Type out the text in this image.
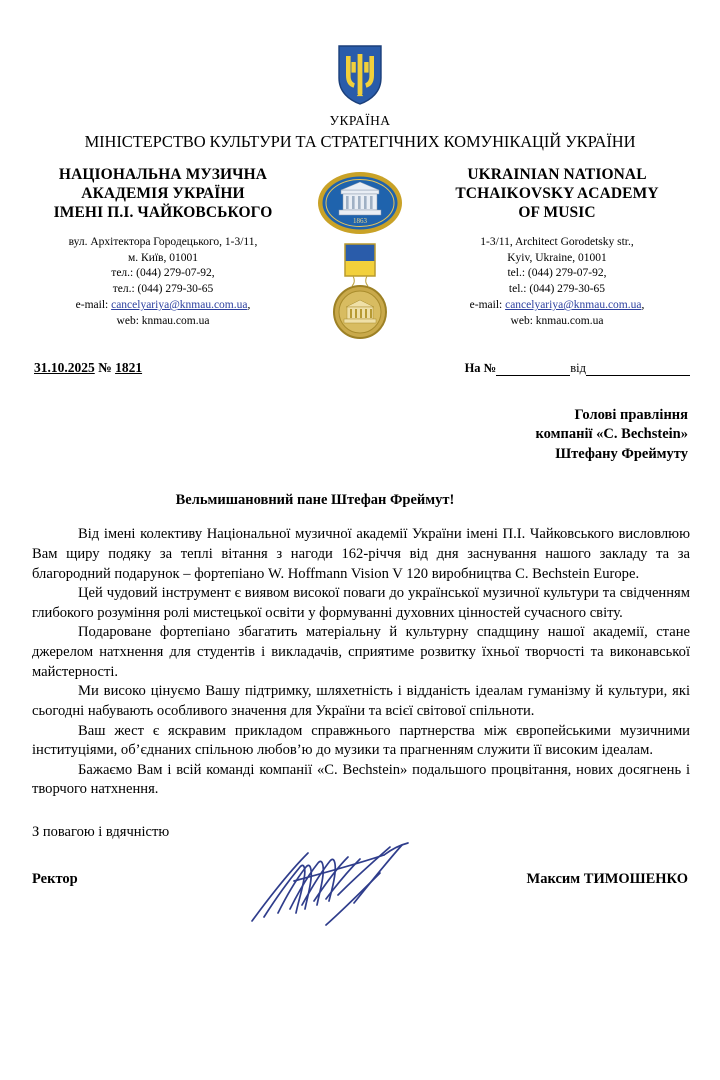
УКРАЇНА
МІНІСТЕРСТВО КУЛЬТУРИ ТА СТРАТЕГІЧНИХ КОМУНІКАЦІЙ УКРАЇНИ
НАЦІОНАЛЬНА МУЗИЧНА
АКАДЕМІЯ УКРАЇНИ
ІМЕНІ П.І. ЧАЙКОВСЬКОГО
вул. Архітектора Городецького, 1-3/11,
м. Київ, 01001
тел.: (044) 279-07-92,
тел.: (044) 279-30-65
e-mail: cancelyariya@knmau.com.ua,
web: knmau.com.ua
1863
UKRAINIAN NATIONAL
TCHAIKOVSKY ACADEMY
OF MUSIC
1-3/11, Architect Gorodetsky str.,
Kyiv, Ukraine, 01001
tel.: (044) 279-07-92,
tel.: (044) 279-30-65
e-mail: cancelyariya@knmau.com.ua,
web: knmau.com.ua
31.10.2025 № 1821	На №	від
Голові правління
компанії «C. Bechstein»
Штефану Фреймуту
Вельмишановний пане Штефан Фреймут!

Від імені колективу Національної музичної академії України імені П.І. Чайковського висловлюю Вам щиру подяку за теплі вітання з нагоди 162-річчя від дня заснування нашого закладу та за благородний подарунок – фортепіано W. Hoffmann Vision V 120 виробництва C. Bechstein Europe.

Цей чудовий інструмент є виявом високої поваги до української музичної культури та свідченням глибокого розуміння ролі мистецької освіти у формуванні духовних цінностей сучасного світу.

Подароване фортепіано збагатить матеріальну й культурну спадщину нашої академії, стане джерелом натхнення для студентів і викладачів, сприятиме розвитку їхньої творчості та виконавської майстерності.

Ми високо цінуємо Вашу підтримку, шляхетність і відданість ідеалам гуманізму й культури, які сьогодні набувають особливого значення для України та всієї світової спільноти.

Ваш жест є яскравим прикладом справжнього партнерства між європейськими музичними інституціями, об’єднаних спільною любов’ю до музики та прагненням служити її високим ідеалам.

Бажаємо Вам і всій команді компанії «C. Bechstein» подальшого процвітання, нових досягнень і творчого натхнення.

З повагою і вдячністю
Ректор	Максим ТИМОШЕНКО
